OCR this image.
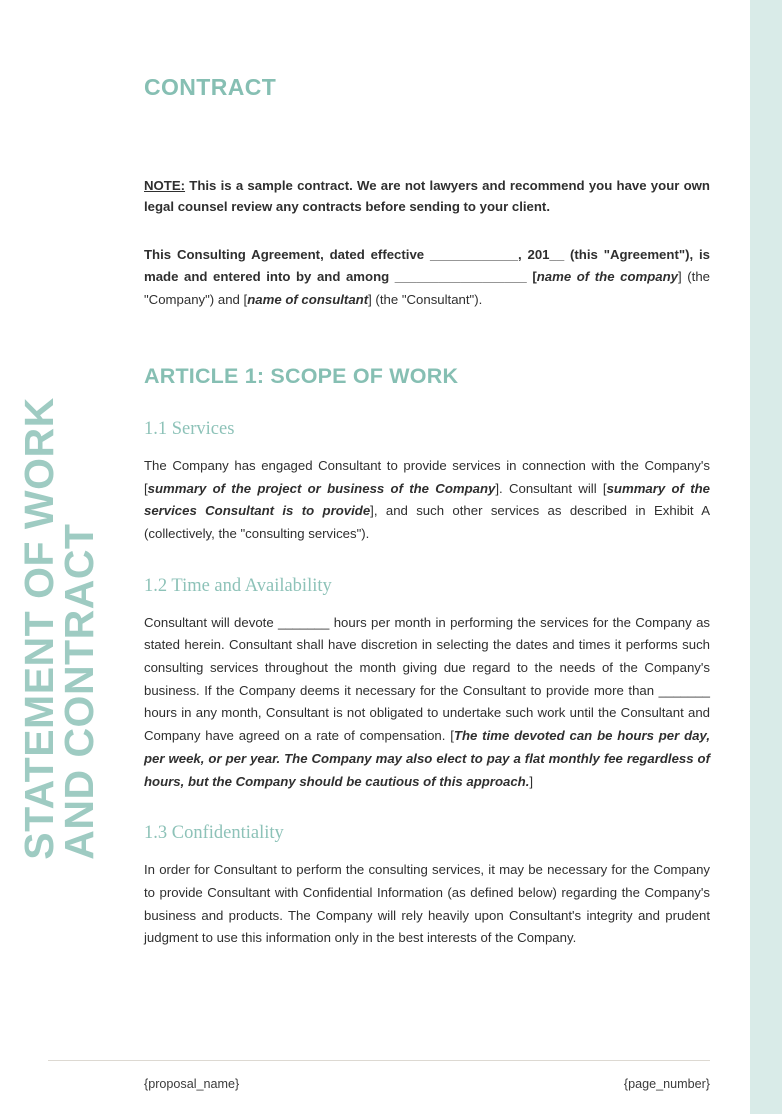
STATEMENT OF WORK
AND CONTRACT
CONTRACT
NOTE: This is a sample contract. We are not lawyers and recommend you have your own legal counsel review any contracts before sending to your client.
This Consulting Agreement, dated effective ____________, 201__ (this "Agreement"), is made and entered into by and among __________________ [name of the company] (the "Company") and [name of consultant] (the "Consultant").
ARTICLE 1: SCOPE OF WORK
1.1 Services

The Company has engaged Consultant to provide services in connection with the Company's [summary of the project or business of the Company]. Consultant will [summary of the services Consultant is to provide], and such other services as described in Exhibit A (collectively, the "consulting services").

1.2 Time and Availability

Consultant will devote _______ hours per month in performing the services for the Company as stated herein. Consultant shall have discretion in selecting the dates and times it performs such consulting services throughout the month giving due regard to the needs of the Company's business. If the Company deems it necessary for the Consultant to provide more than _______ hours in any month, Consultant is not obligated to undertake such work until the Consultant and Company have agreed on a rate of compensation. [The time devoted can be hours per day, per week, or per year. The Company may also elect to pay a flat monthly fee regardless of hours, but the Company should be cautious of this approach.]

1.3 Confidentiality

In order for Consultant to perform the consulting services, it may be necessary for the Company to provide Consultant with Confidential Information (as defined below) regarding the Company's business and products. The Company will rely heavily upon Consultant's integrity and prudent judgment to use this information only in the best interests of the Company.

{proposal_name}	{page_number}
